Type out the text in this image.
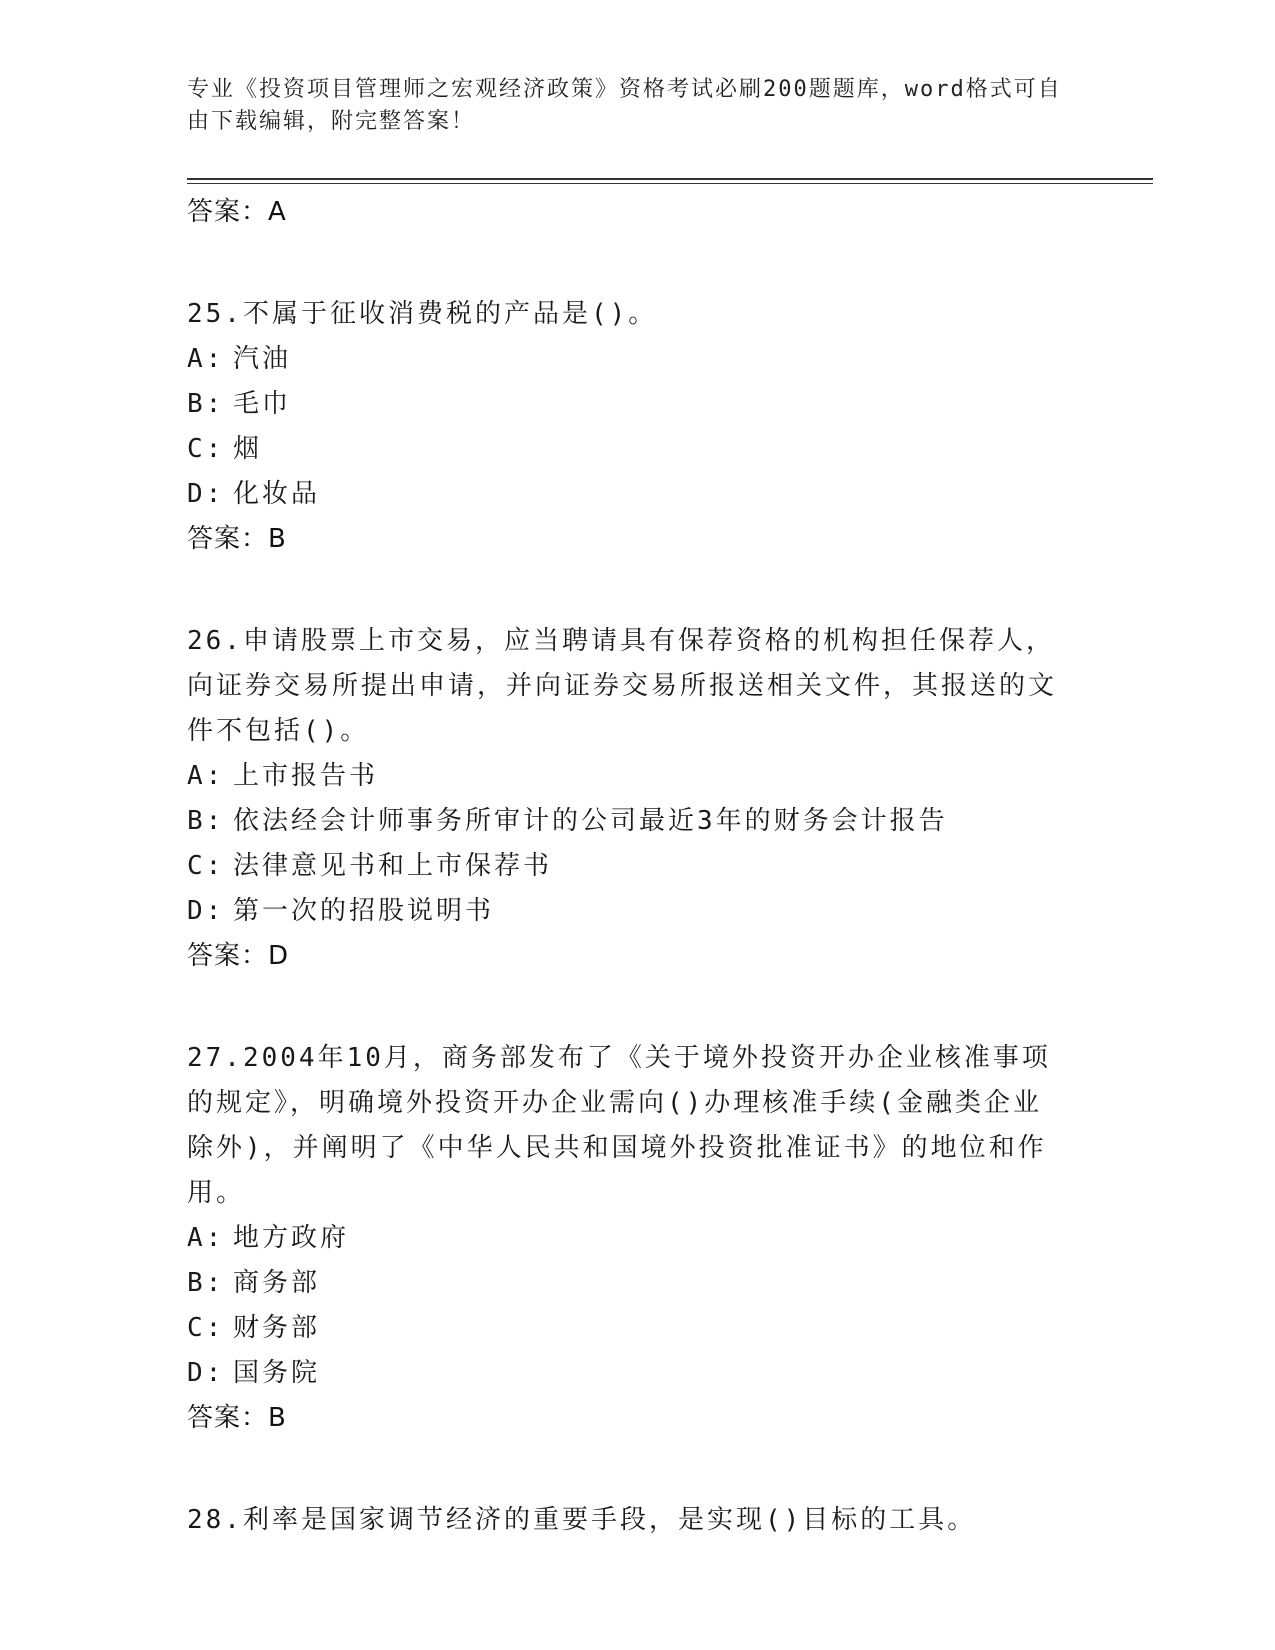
专业《投资项目管理师之宏观经济政策》资格考试必刷200题题库，word格式可自由下载编辑，附完整答案！
答案：A
25.不属于征收消费税的产品是()。
A: 汽油
B: 毛巾
C: 烟
D: 化妆品
答案：B
26.申请股票上市交易，应当聘请具有保荐资格的机构担任保荐人，向证券交易所提出申请，并向证券交易所报送相关文件，其报送的文件不包括()。
A: 上市报告书
B: 依法经会计师事务所审计的公司最近3年的财务会计报告
C: 法律意见书和上市保荐书
D: 第一次的招股说明书
答案：D
27.2004年10月，商务部发布了《关于境外投资开办企业核准事项的规定》，明确境外投资开办企业需向()办理核准手续(金融类企业除外)，并阐明了《中华人民共和国境外投资批准证书》的地位和作用。
A: 地方政府
B: 商务部
C: 财务部
D: 国务院
答案：B
28.利率是国家调节经济的重要手段，是实现()目标的工具。
